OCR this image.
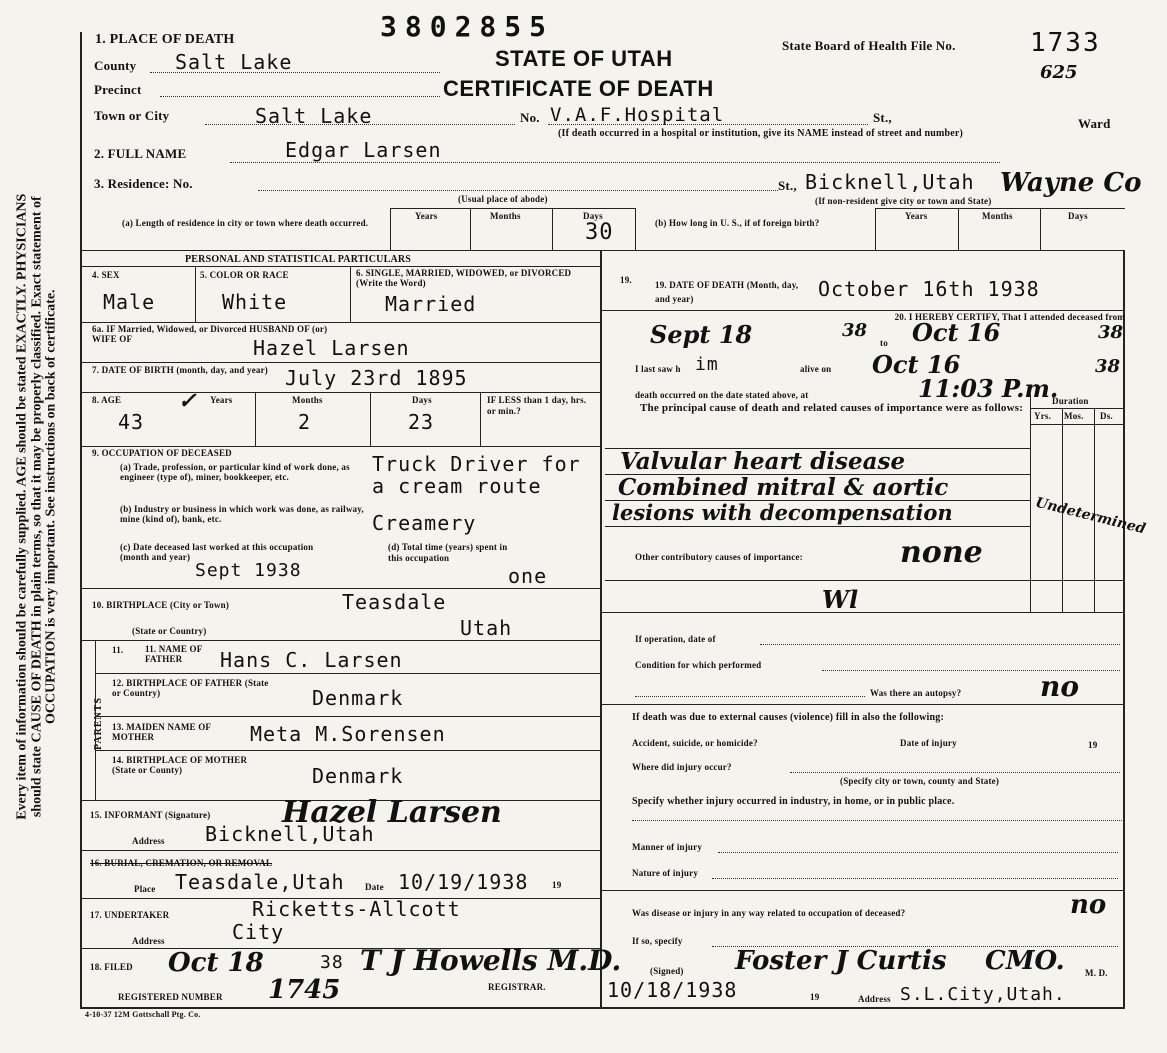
Every item of information should be carefully supplied. AGE should be stated EXACTLY. PHYSICIANS should state CAUSE OF DEATH in plain terms, so that it may be properly classified. Exact statement of OCCUPATION is very important. See instructions on back of certificate.
1. PLACE OF DEATH	3802855
STATE OF UTAH
CERTIFICATE OF DEATH
State Board of Health File No.	1733
625
County Salt Lake
Precinct
Town or City	Salt Lake	No. V.A.F.Hospital	St.,	Ward
(If death occurred in a hospital or institution, give its NAME instead of street and number)
2. FULL NAME	Edgar Larsen
3. Residence: No.	St., Bicknell,Utah Wayne Co
(Usual place of abode)	(If non-resident give city or town and State)
(a) Length of residence in city or town where death occurred.
Years	Months	Days
30	(b) How long in U. S., if of foreign birth?
Years	Months	Days
PERSONAL AND STATISTICAL PARTICULARS
4. SEX
Male
5. COLOR OR RACE
White
6. SINGLE, MARRIED, WIDOWED, or DIVORCED (Write the Word)
Married
6a. IF Married, Widowed, or Divorced HUSBAND OF (or) WIFE OF	Hazel Larsen
7. DATE OF BIRTH (month, day, and year) July 23rd 1895
8. AGE	✓ Years
43
Months
2
Days
23
IF LESS than 1 day, hrs. or min.?
9. OCCUPATION OF DECEASED
(a) Trade, profession, or particular kind of work done, as engineer (type of), miner, bookkeeper, etc.
Truck Driver for
a cream route
(b) Industry or business in which work was done, as railway, mine (kind of), bank, etc.	Creamery
(c) Date deceased last worked at this occupation (month and year)
Sept 1938
(d) Total time (years) spent in this occupation
one
10. BIRTHPLACE (City or Town)	Teasdale
(State or Country)	Utah
PARENTS
11. 11. NAME OF FATHER	Hans C. Larsen
12. BIRTHPLACE OF FATHER (State or Country)	Denmark
13. MAIDEN NAME OF MOTHER	Meta M.Sorensen
14. BIRTHPLACE OF MOTHER (State or County)	Denmark
15. INFORMANT (Signature) Hazel Larsen
Address Bicknell,Utah
16. BURIAL, CREMATION, OR REMOVAL
Place Teasdale,Utah Date 10/19/1938	19
17. UNDERTAKER	Ricketts-Allcott
Address	City
18. FILED Oct 18	38 T J Howells M.D.
REGISTRAR.
REGISTERED NUMBER 1745
4-10-37 12M Gottschall Ptg. Co.
19.	19. DATE OF DEATH (Month, day, and year)	October 16th 1938
20. I HEREBY CERTIFY, That I attended deceased from
Sept 18	38
to Oct 16	38
I last saw h im	alive on Oct 16	38
death occurred on the date stated above, at	11:03 P.m.
The principal cause of death and related causes of importance were as follows:
Duration
Yrs. Mos. Ds.
Valvular heart disease
Combined mitral & aortic
lesions with decompensation	Undetermined
Other contributory causes of importance:	none
Wl
If operation, date of
Condition for which performed
Was there an autopsy?	no
If death was due to external causes (violence) fill in also the following:
Accident, suicide, or homicide?	Date of injury	19
Where did injury occur?
(Specify city or town, county and State)
Specify whether injury occurred in industry, in home, or in public place.
Manner of injury
Nature of injury
Was disease or injury in any way related to occupation of deceased?	no
If so, specify
(Signed) Foster J Curtis CMO. M. D.
10/18/1938	19	Address S.L.City,Utah.
